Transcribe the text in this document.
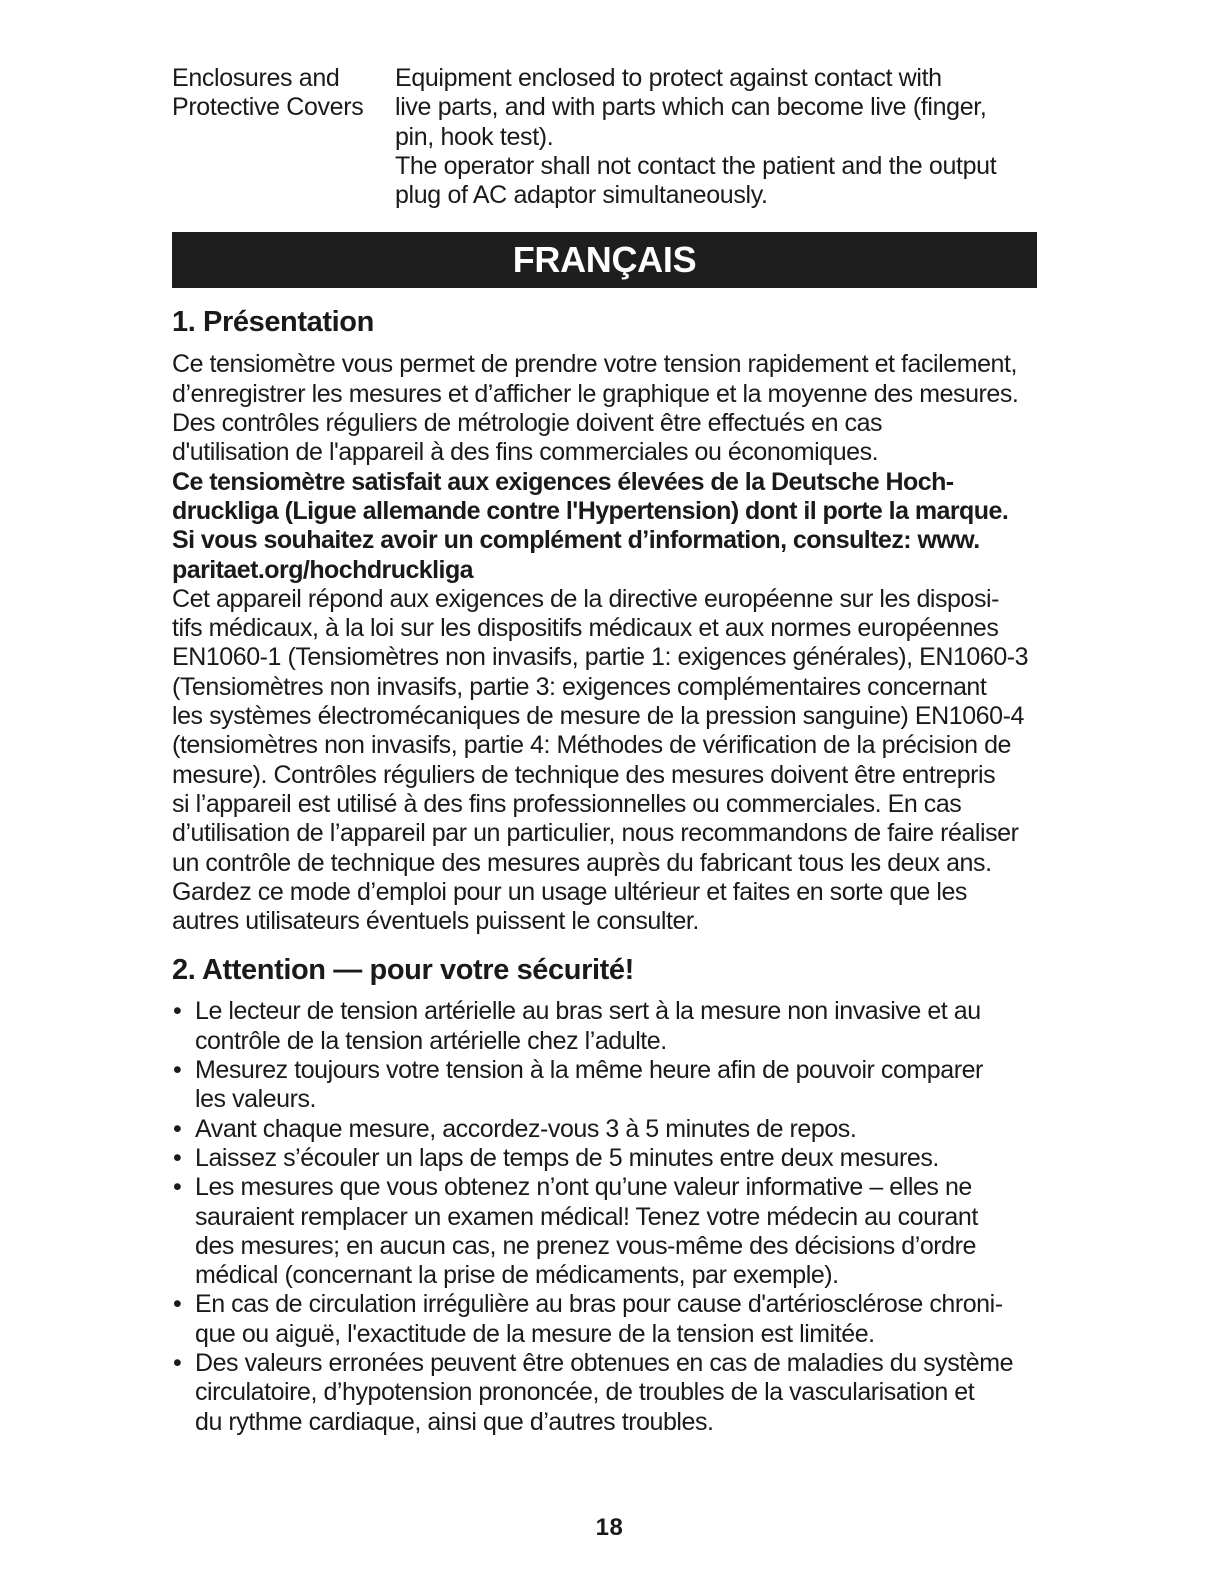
Enclosures and
Protective Covers
Equipment enclosed to protect against contact with
live parts, and with parts which can become live (finger,
pin, hook test).
The operator shall not contact the patient and the output
plug of AC adaptor simultaneously.
FRANÇAIS
1. Présentation

Ce tensiomètre vous permet de prendre votre tension rapidement et facilement,
d’enregistrer les mesures et d’afficher le graphique et la moyenne des mesures.
Des contrôles réguliers de métrologie doivent être effectués en cas
d'utilisation de l'appareil à des fins commerciales ou économiques.

Ce tensiomètre satisfait aux exigences élevées de la Deutsche Hoch-
druckliga (Ligue allemande contre l'Hypertension) dont il porte la marque.
Si vous souhaitez avoir un complément d’information, consultez: www.
paritaet.org/hochdruckliga

Cet appareil répond aux exigences de la directive européenne sur les disposi-
tifs médicaux, à la loi sur les dispositifs médicaux et aux normes européennes
EN1060-1 (Tensiomètres non invasifs, partie 1: exigences générales), EN1060-3
(Tensiomètres non invasifs, partie 3: exigences complémentaires concernant
les systèmes électromécaniques de mesure de la pression sanguine) EN1060-4
(tensiomètres non invasifs, partie 4: Méthodes de vérification de la précision de
mesure). Contrôles réguliers de technique des mesures doivent être entrepris
si l’appareil est utilisé à des fins professionnelles ou commerciales. En cas
d’utilisation de l’appareil par un particulier, nous recommandons de faire réaliser
un contrôle de technique des mesures auprès du fabricant tous les deux ans.
Gardez ce mode d’emploi pour un usage ultérieur et faites en sorte que les
autres utilisateurs éventuels puissent le consulter.

2. Attention — pour votre sécurité!
• Le lecteur de tension artérielle au bras sert à la mesure non invasive et au
contrôle de la tension artérielle chez l’adulte.
• Mesurez toujours votre tension à la même heure afin de pouvoir comparer
les valeurs.
• Avant chaque mesure, accordez-vous 3 à 5 minutes de repos.
• Laissez s’écouler un laps de temps de 5 minutes entre deux mesures.
• Les mesures que vous obtenez n’ont qu’une valeur informative – elles ne
sauraient remplacer un examen médical! Tenez votre médecin au courant
des mesures; en aucun cas, ne prenez vous-même des décisions d’ordre
médical (concernant la prise de médicaments, par exemple).
• En cas de circulation irrégulière au bras pour cause d'artériosclérose chroni-
que ou aiguë, l'exactitude de la mesure de la tension est limitée.
• Des valeurs erronées peuvent être obtenues en cas de maladies du système
circulatoire, d’hypotension prononcée, de troubles de la vascularisation et
du rythme cardiaque, ainsi que d’autres troubles.
18
